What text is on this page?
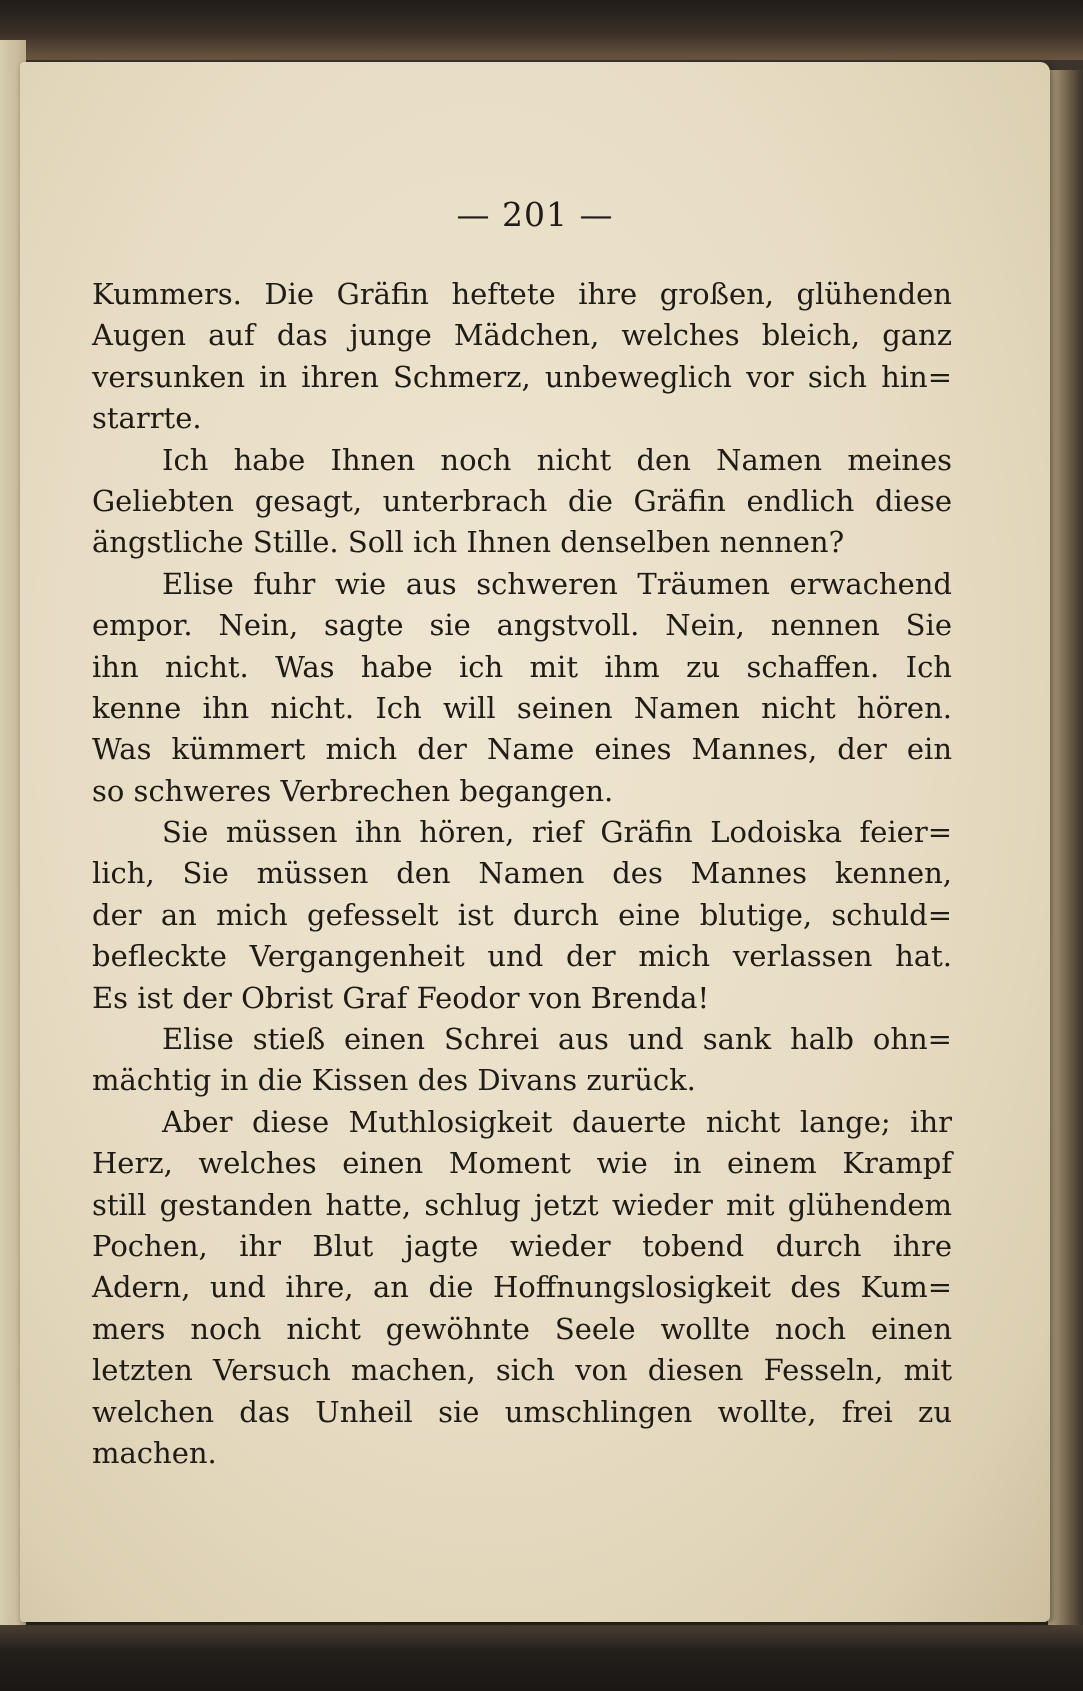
— 201 —
Kummers. Die Gräfin heftete ihre großen, glühenden
Augen auf das junge Mädchen, welches bleich, ganz
versunken in ihren Schmerz, unbeweglich vor sich hin=
starrte.
Ich habe Ihnen noch nicht den Namen meines
Geliebten gesagt, unterbrach die Gräfin endlich diese
ängstliche Stille. Soll ich Ihnen denselben nennen?
Elise fuhr wie aus schweren Träumen erwachend
empor. Nein, sagte sie angstvoll. Nein, nennen Sie
ihn nicht. Was habe ich mit ihm zu schaffen. Ich
kenne ihn nicht. Ich will seinen Namen nicht hören.
Was kümmert mich der Name eines Mannes, der ein
so schweres Verbrechen begangen.
Sie müssen ihn hören, rief Gräfin Lodoiska feier=
lich, Sie müssen den Namen des Mannes kennen,
der an mich gefesselt ist durch eine blutige, schuld=
befleckte Vergangenheit und der mich verlassen hat.
Es ist der Obrist Graf Feodor von Brenda!
Elise stieß einen Schrei aus und sank halb ohn=
mächtig in die Kissen des Divans zurück.
Aber diese Muthlosigkeit dauerte nicht lange; ihr
Herz, welches einen Moment wie in einem Krampf
still gestanden hatte, schlug jetzt wieder mit glühendem
Pochen, ihr Blut jagte wieder tobend durch ihre
Adern, und ihre, an die Hoffnungslosigkeit des Kum=
mers noch nicht gewöhnte Seele wollte noch einen
letzten Versuch machen, sich von diesen Fesseln, mit
welchen das Unheil sie umschlingen wollte, frei zu
machen.
